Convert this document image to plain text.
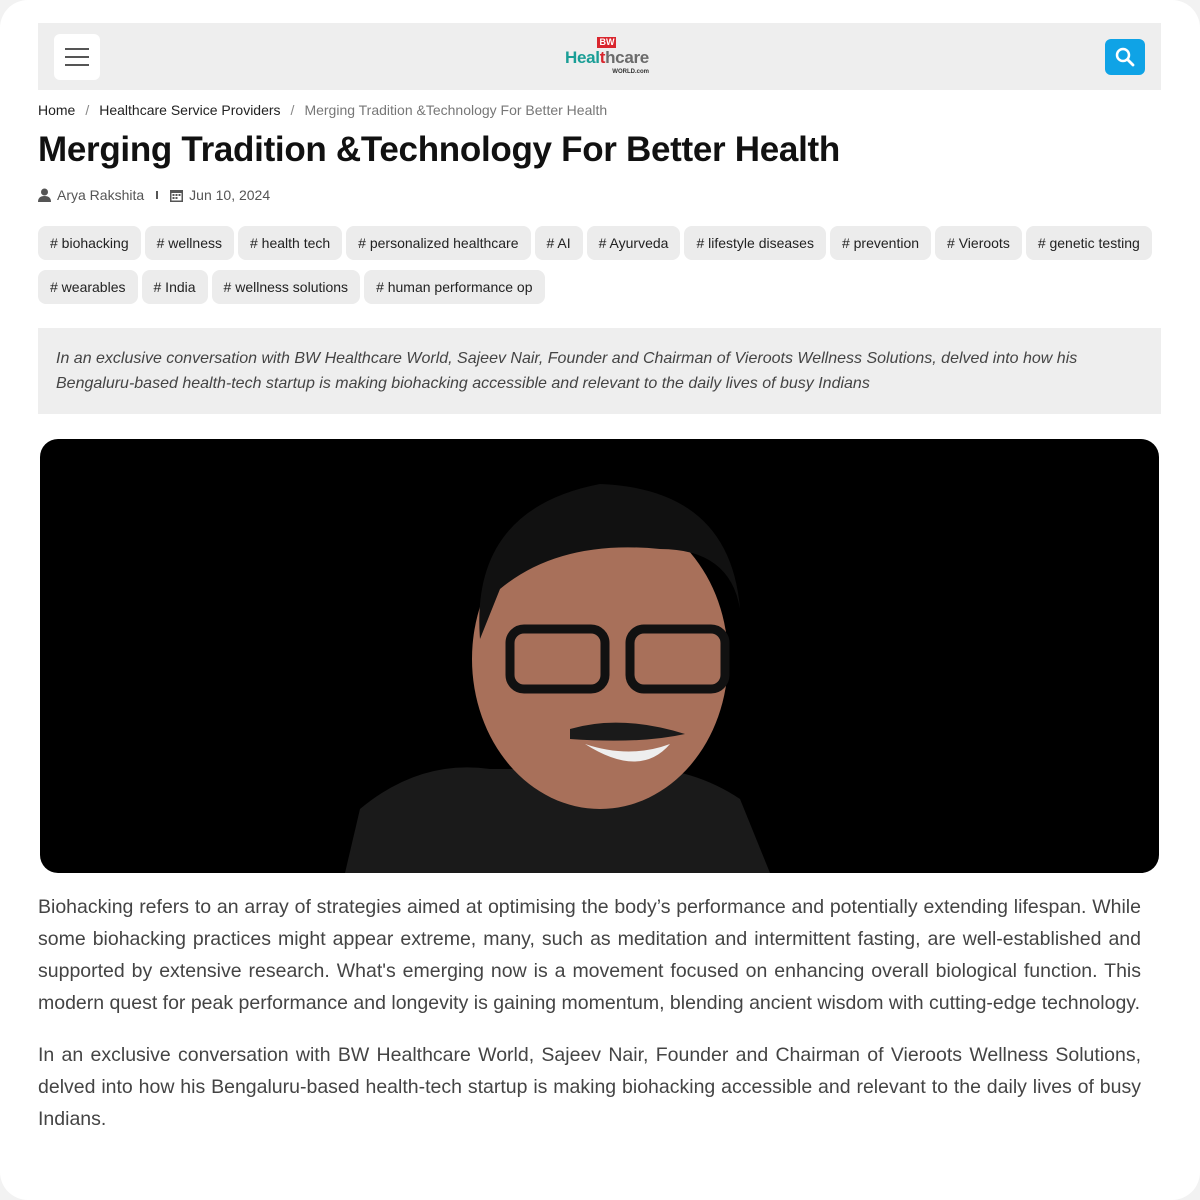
BW
Healthcare
WORLD.com
Home / Healthcare Service Providers / Merging Tradition &Technology For Better Health
Merging Tradition &Technology For Better Health
Arya Rakshita	Jun 10, 2024
# biohacking	# wellness	# health tech	# personalized healthcare	# AI	# Ayurveda	# lifestyle diseases	# prevention	# Vieroots	# genetic testing
# wearables	# India	# wellness solutions	# human performance op
In an exclusive conversation with BW Healthcare World, Sajeev Nair, Founder and Chairman of Vieroots Wellness Solutions, delved into how his Bengaluru-based health-tech startup is making biohacking accessible and relevant to the daily lives of busy Indians

Biohacking refers to an array of strategies aimed at optimising the body’s performance and potentially extending lifespan. While some biohacking practices might appear extreme, many, such as meditation and intermittent fasting, are well-established and supported by extensive research. What's emerging now is a movement focused on enhancing overall biological function. This modern quest for peak performance and longevity is gaining momentum, blending ancient wisdom with cutting-edge technology.

In an exclusive conversation with BW Healthcare World, Sajeev Nair, Founder and Chairman of Vieroots Wellness Solutions, delved into how his Bengaluru-based health-tech startup is making biohacking accessible and relevant to the daily lives of busy Indians.
